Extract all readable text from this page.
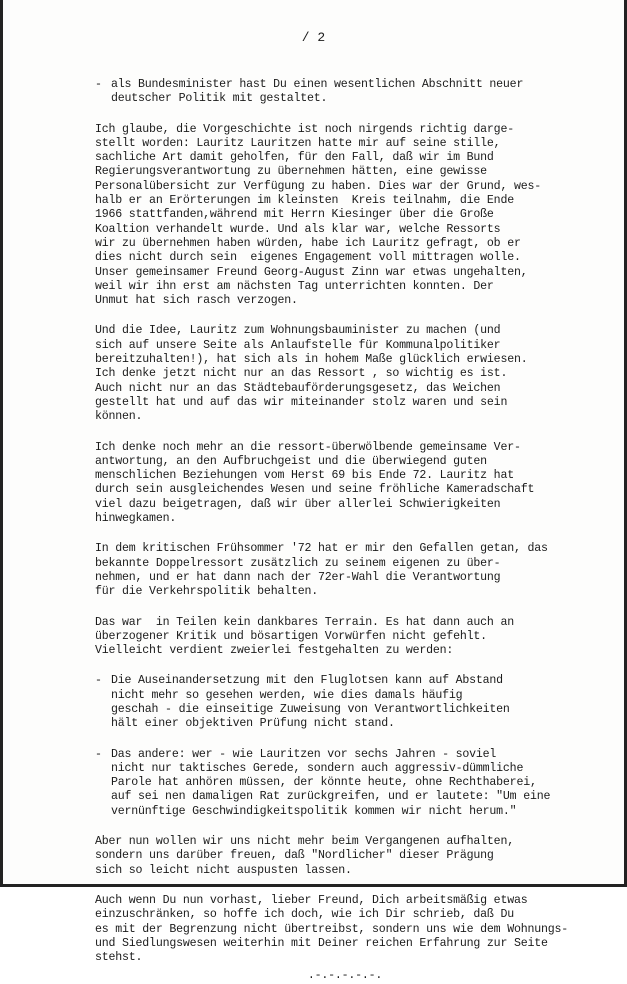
/ 2
- als Bundesminister hast Du einen wesentlichen Abschnitt neuer
deutscher Politik mit gestaltet.

Ich glaube, die Vorgeschichte ist noch nirgends richtig darge-
stellt worden: Lauritz Lauritzen hatte mir auf seine stille,
sachliche Art damit geholfen, für den Fall, daß wir im Bund
Regierungsverantwortung zu übernehmen hätten, eine gewisse
Personalübersicht zur Verfügung zu haben. Dies war der Grund, wes-
halb er an Erörterungen im kleinsten  Kreis teilnahm, die Ende
1966 stattfanden,während mit Herrn Kiesinger über die Große
Koaltion verhandelt wurde. Und als klar war, welche Ressorts
wir zu übernehmen haben würden, habe ich Lauritz gefragt, ob er
dies nicht durch sein  eigenes Engagement voll mittragen wolle.
Unser gemeinsamer Freund Georg-August Zinn war etwas ungehalten,
weil wir ihn erst am nächsten Tag unterrichten konnten. Der
Unmut hat sich rasch verzogen.

Und die Idee, Lauritz zum Wohnungsbauminister zu machen (und
sich auf unsere Seite als Anlaufstelle für Kommunalpolitiker
bereitzuhalten!), hat sich als in hohem Maße glücklich erwiesen.
Ich denke jetzt nicht nur an das Ressort , so wichtig es ist.
Auch nicht nur an das Städtebauförderungsgesetz, das Weichen
gestellt hat und auf das wir miteinander stolz waren und sein
können.

Ich denke noch mehr an die ressort-überwölbende gemeinsame Ver-
antwortung, an den Aufbruchgeist und die überwiegend guten
menschlichen Beziehungen vom Herst 69 bis Ende 72. Lauritz hat
durch sein ausgleichendes Wesen und seine fröhliche Kameradschaft
viel dazu beigetragen, daß wir über allerlei Schwierigkeiten
hinwegkamen.

In dem kritischen Frühsommer '72 hat er mir den Gefallen getan, das
bekannte Doppelressort zusätzlich zu seinem eigenen zu über-
nehmen, und er hat dann nach der 72er-Wahl die Verantwortung
für die Verkehrspolitik behalten.

Das war  in Teilen kein dankbares Terrain. Es hat dann auch an
überzogener Kritik und bösartigen Vorwürfen nicht gefehlt.
Vielleicht verdient zweierlei festgehalten zu werden:

- Die Auseinandersetzung mit den Fluglotsen kann auf Abstand
nicht mehr so gesehen werden, wie dies damals häufig
geschah - die einseitige Zuweisung von Verantwortlichkeiten
hält einer objektiven Prüfung nicht stand.
- Das andere: wer - wie Lauritzen vor sechs Jahren - soviel
nicht nur taktisches Gerede, sondern auch aggressiv-dümmliche
Parole hat anhören müssen, der könnte heute, ohne Rechthaberei,
auf sei nen damaligen Rat zurückgreifen, und er lautete: "Um eine
vernünftige Geschwindigkeitspolitik kommen wir nicht herum."

Aber nun wollen wir uns nicht mehr beim Vergangenen aufhalten,
sondern uns darüber freuen, daß "Nordlicher" dieser Prägung
sich so leicht nicht auspusten lassen.

Auch wenn Du nun vorhast, lieber Freund, Dich arbeitsmäßig etwas
einzuschränken, so hoffe ich doch, wie ich Dir schrieb, daß Du
es mit der Begrenzung nicht übertreibst, sondern uns wie dem Wohnungs-
und Siedlungswesen weiterhin mit Deiner reichen Erfahrung zur Seite stehst.

.-.-.-.-.-.
